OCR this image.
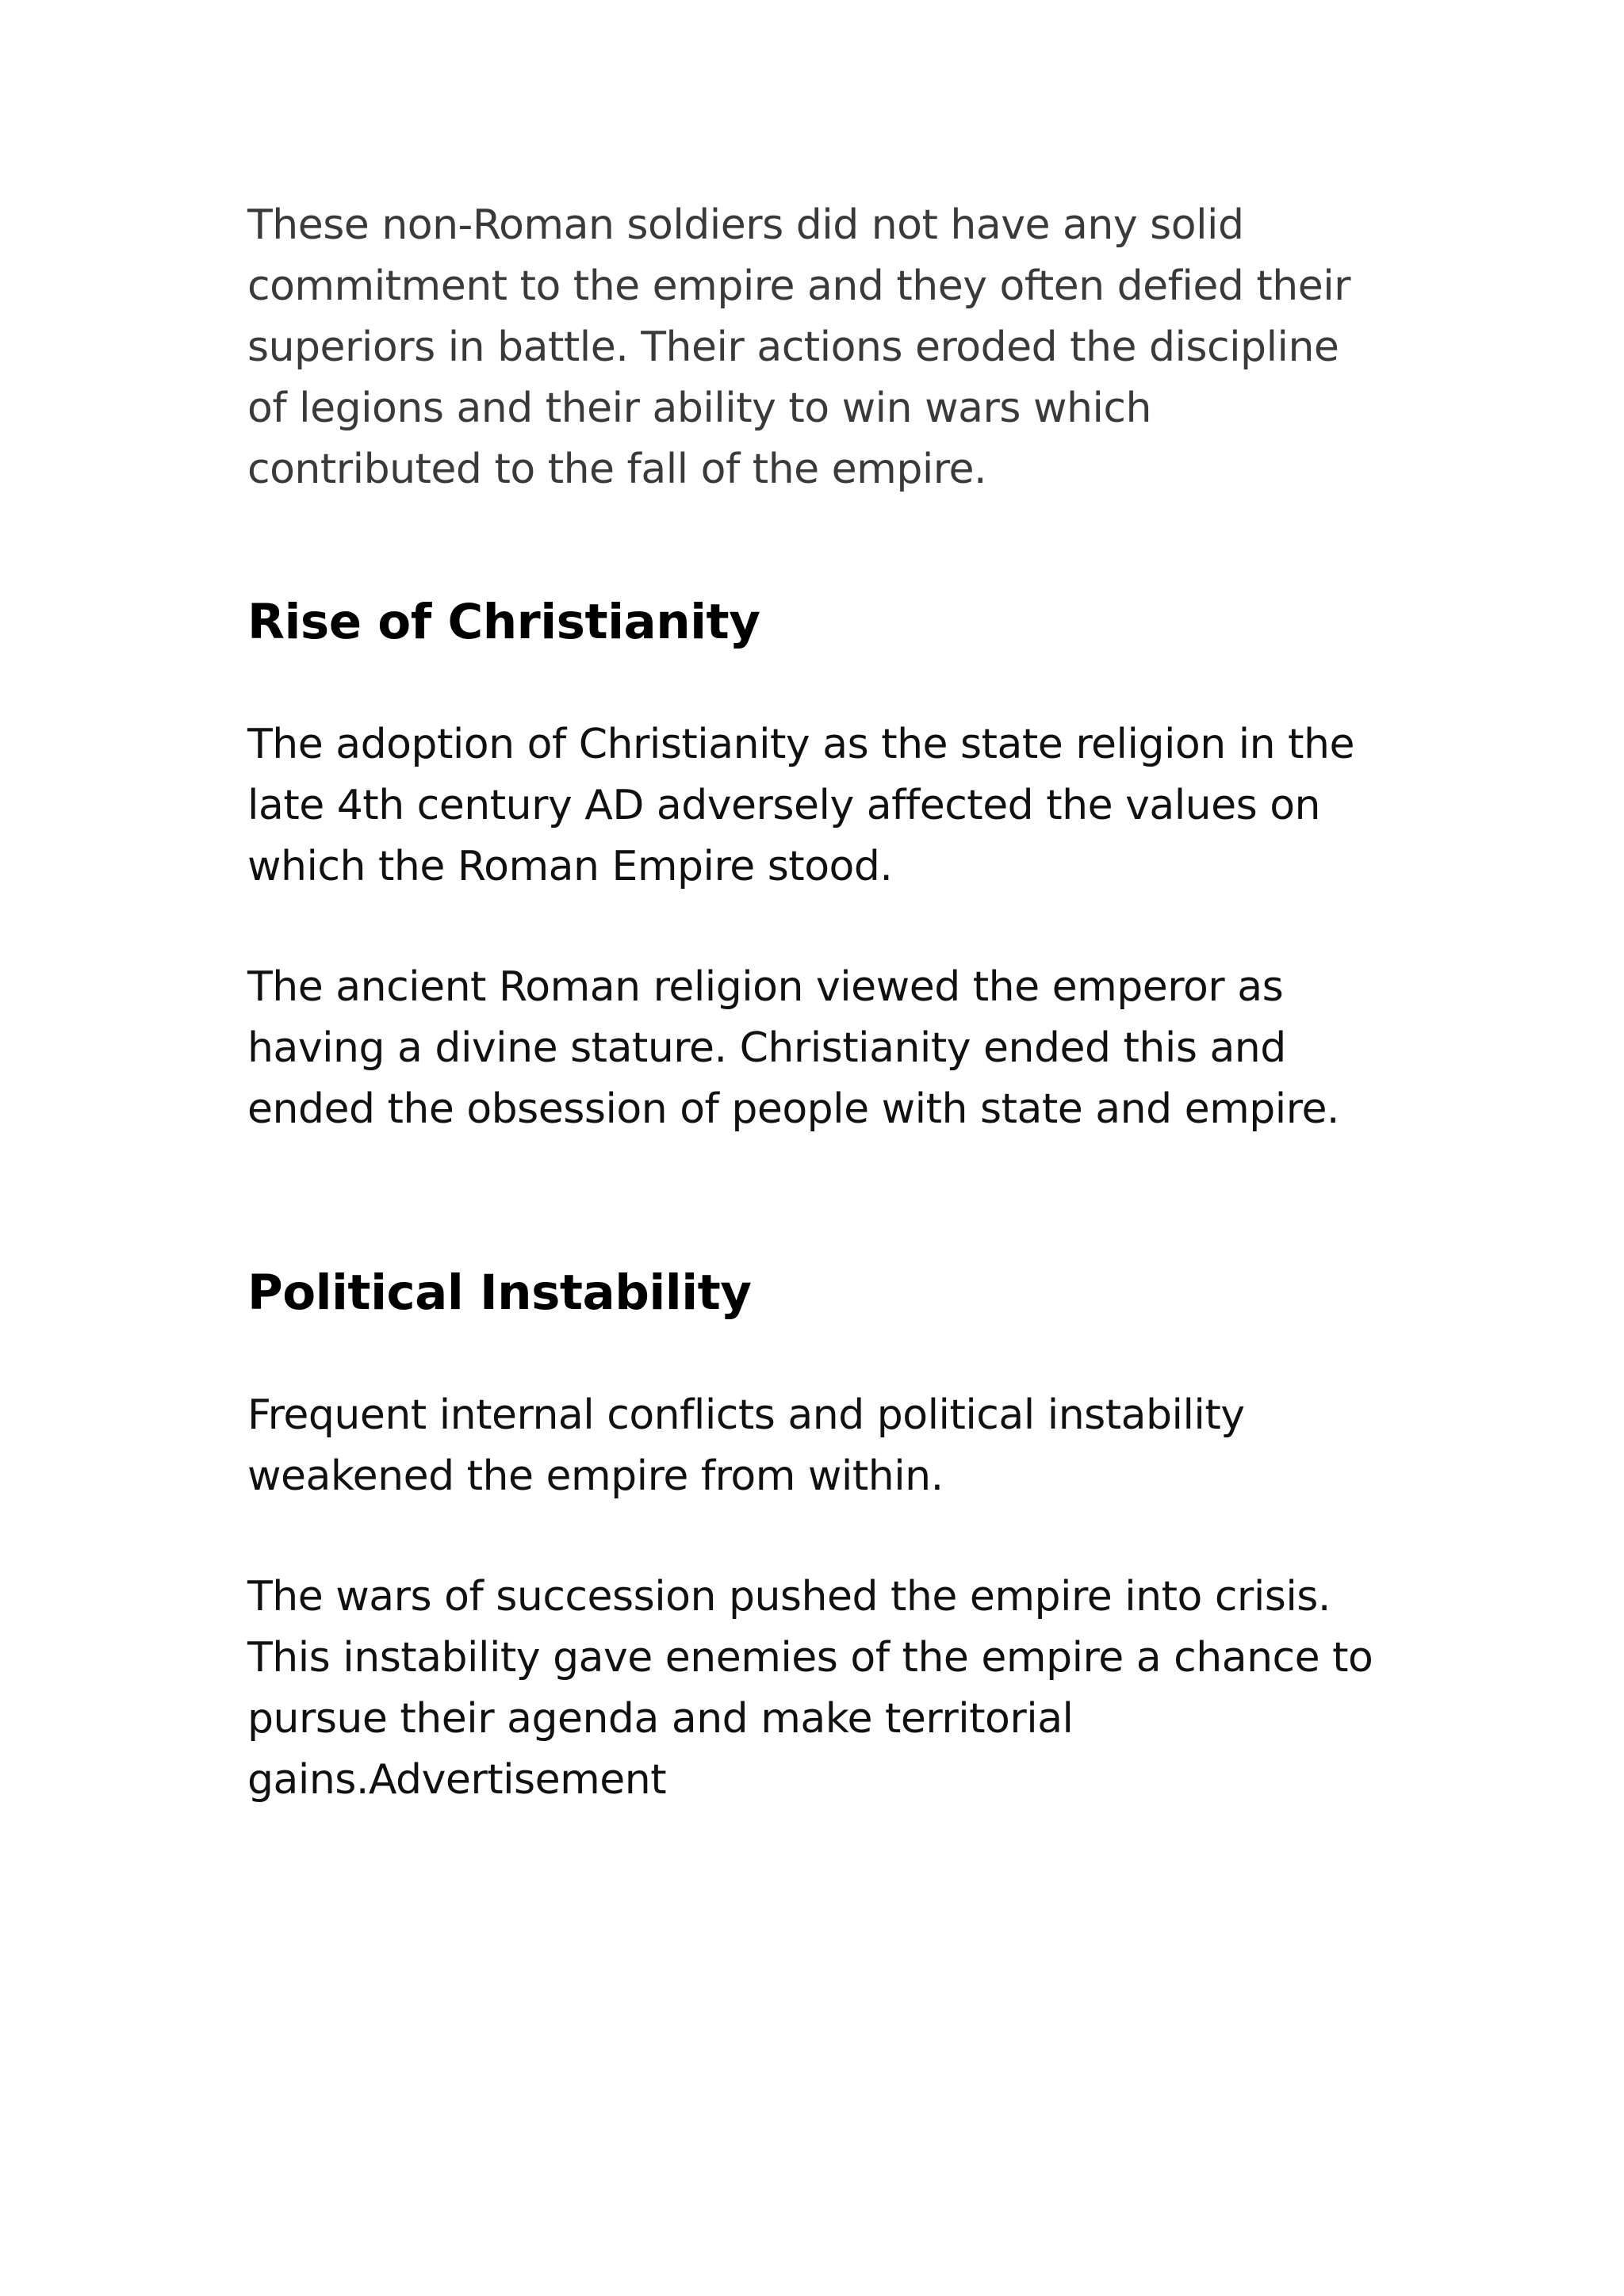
These non-Roman soldiers did not have any solid
commitment to the empire and they often defied their
superiors in battle. Their actions eroded the discipline
of legions and their ability to win wars which
contributed to the fall of the empire.

Rise of Christianity

The adoption of Christianity as the state religion in the
late 4th century AD adversely affected the values on
which the Roman Empire stood.

The ancient Roman religion viewed the emperor as
having a divine stature. Christianity ended this and
ended the obsession of people with state and empire.

Political Instability

Frequent internal conflicts and political instability
weakened the empire from within.

The wars of succession pushed the empire into crisis.
This instability gave enemies of the empire a chance to
pursue their agenda and make territorial
gains.Advertisement
